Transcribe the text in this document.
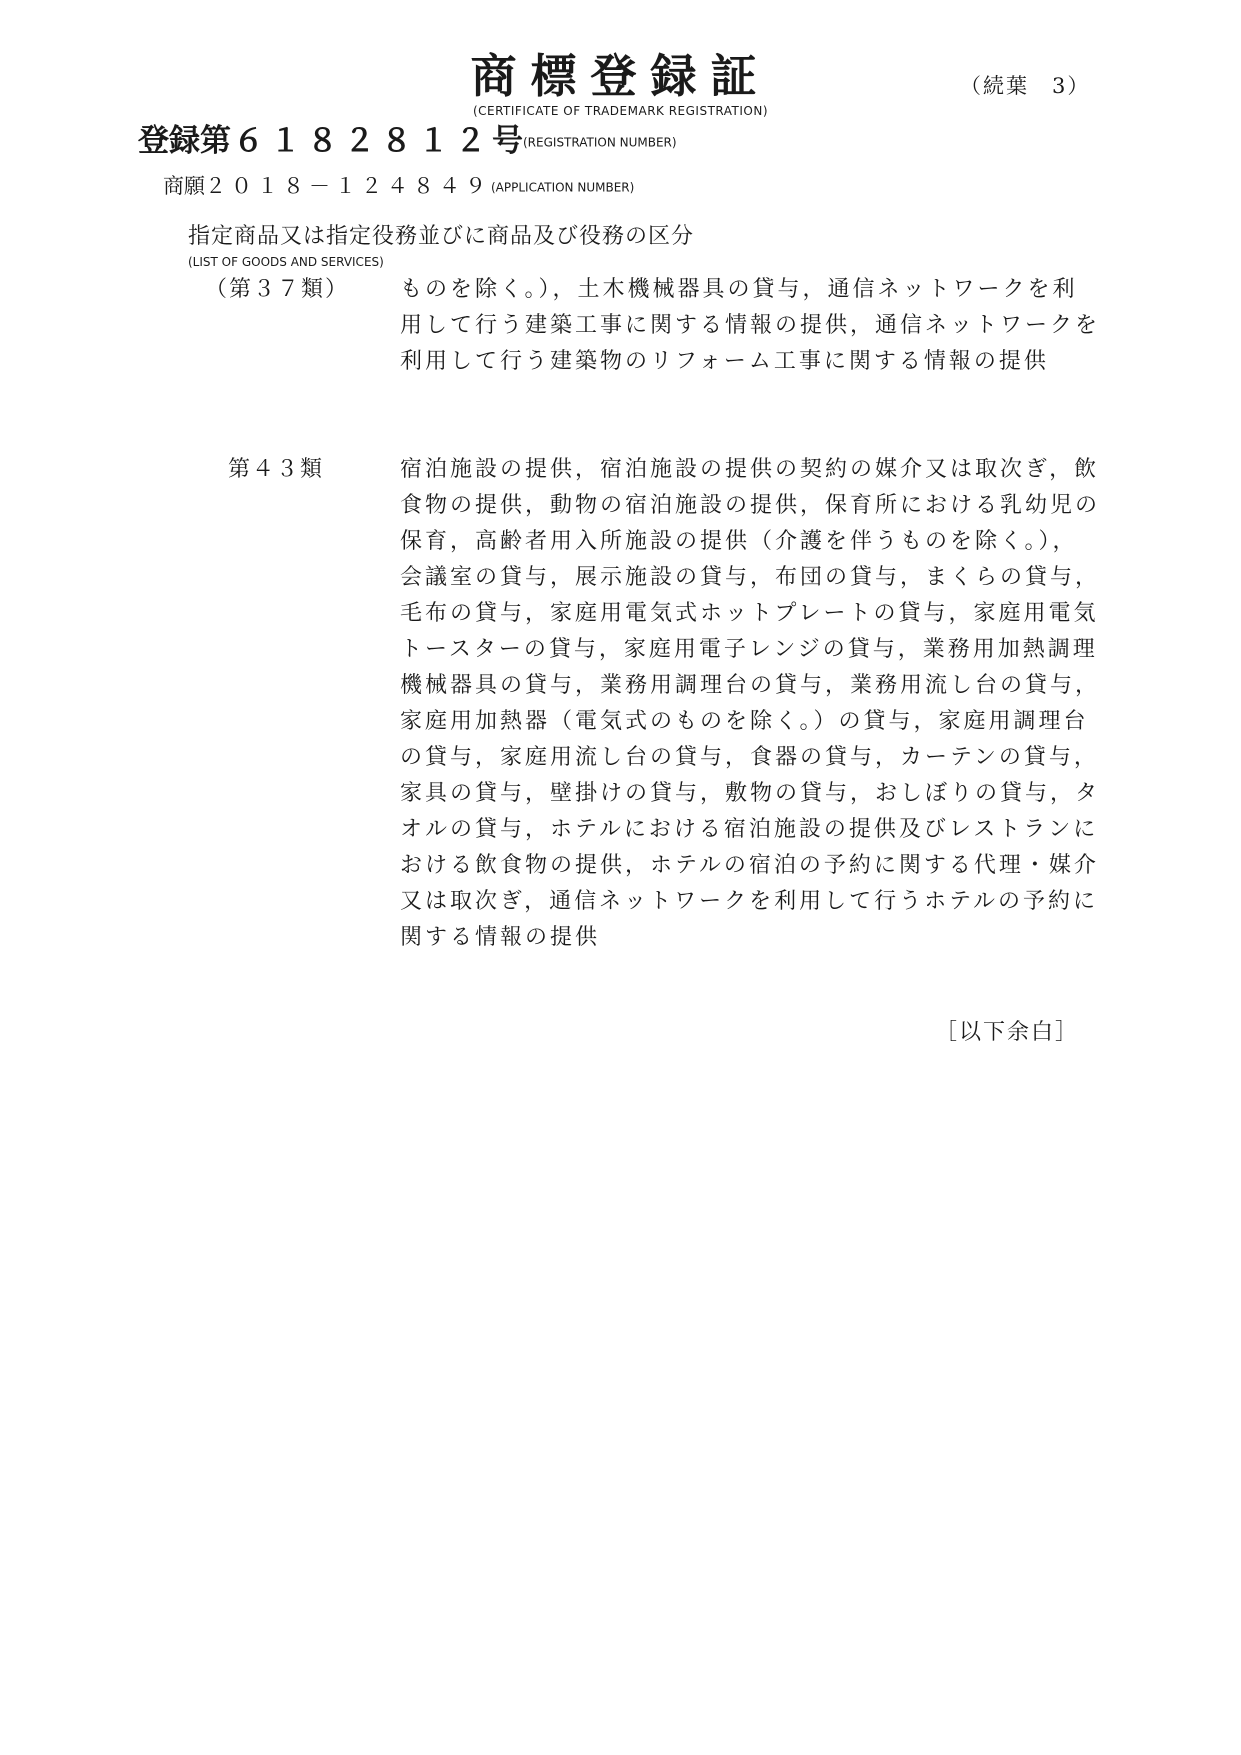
商標登録証
(CERTIFICATE OF TRADEMARK REGISTRATION)
（続葉　3）
登録第６１８２８１２号(REGISTRATION NUMBER)
商願２０１８－１２４８４９(APPLICATION NUMBER)
指定商品又は指定役務並びに商品及び役務の区分
(LIST OF GOODS AND SERVICES)
（第３７類） ものを除く。），土木機械器具の貸与，通信ネットワークを利用して行う建築工事に関する情報の提供，通信ネットワークを利用して行う建築物のリフォーム工事に関する情報の提供

第４３類	宿泊施設の提供，宿泊施設の提供の契約の媒介又は取次ぎ，飲食物の提供，動物の宿泊施設の提供，保育所における乳幼児の保育，高齢者用入所施設の提供（介護を伴うものを除く。），会議室の貸与，展示施設の貸与，布団の貸与，まくらの貸与，毛布の貸与，家庭用電気式ホットプレートの貸与，家庭用電気トースターの貸与，家庭用電子レンジの貸与，業務用加熱調理機械器具の貸与，業務用調理台の貸与，業務用流し台の貸与，家庭用加熱器（電気式のものを除く。）の貸与，家庭用調理台の貸与，家庭用流し台の貸与，食器の貸与，カーテンの貸与，家具の貸与，壁掛けの貸与，敷物の貸与，おしぼりの貸与，タオルの貸与，ホテルにおける宿泊施設の提供及びレストランにおける飲食物の提供，ホテルの宿泊の予約に関する代理・媒介又は取次ぎ，通信ネットワークを利用して行うホテルの予約に関する情報の提供

［以下余白］
